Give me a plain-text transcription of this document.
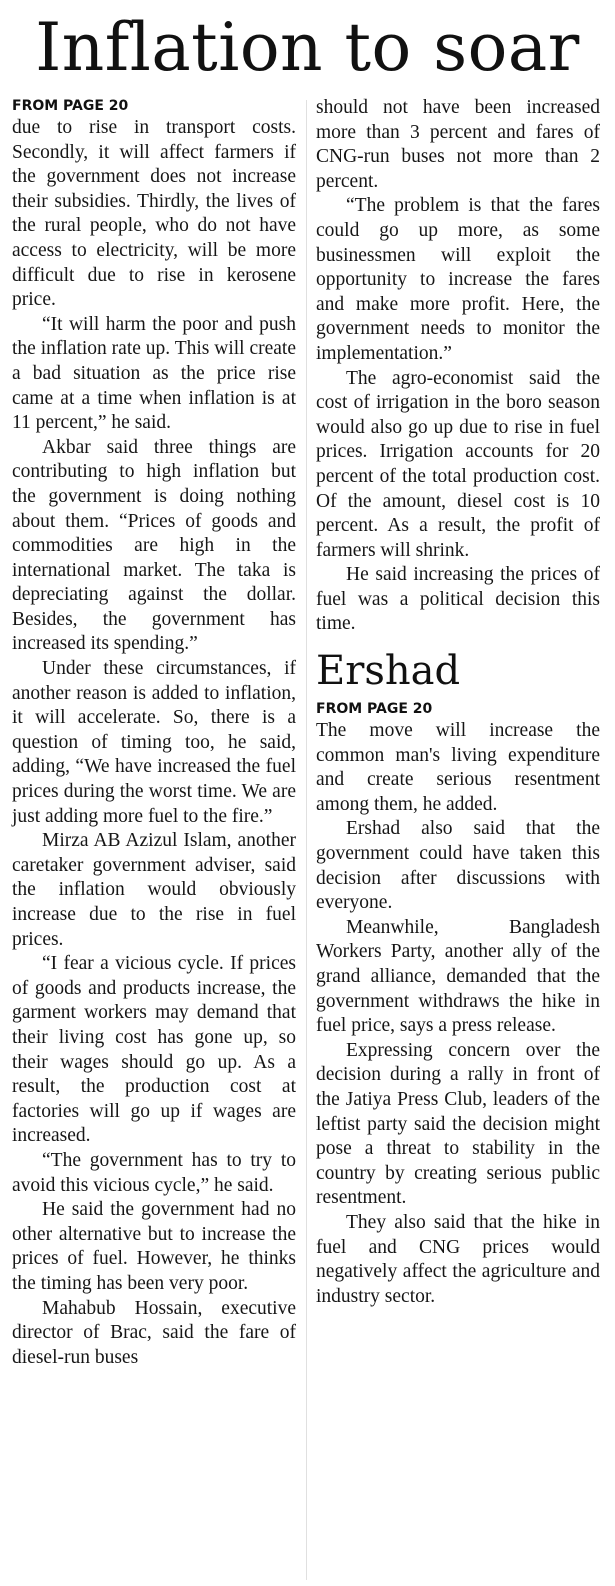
Inflation to soar
FROM PAGE 20

due to rise in transport costs. Secondly, it will affect farmers if the government does not increase their subsidies. Thirdly, the lives of the rural people, who do not have access to electricity, will be more difficult due to rise in kerosene price.

“It will harm the poor and push the inflation rate up. This will create a bad situation as the price rise came at a time when inflation is at 11 percent,” he said.

Akbar said three things are contributing to high inflation but the government is doing nothing about them. “Prices of goods and commodities are high in the international market. The taka is depreciating against the dollar. Besides, the government has increased its spending.”

Under these circumstances, if another reason is added to inflation, it will accelerate. So, there is a question of timing too, he said, adding, “We have increased the fuel prices during the worst time. We are just adding more fuel to the fire.”

Mirza AB Azizul Islam, another caretaker government adviser, said the inflation would obviously increase due to the rise in fuel prices.

“I fear a vicious cycle. If prices of goods and products increase, the garment workers may demand that their living cost has gone up, so their wages should go up. As a result, the production cost at factories will go up if wages are increased.

“The government has to try to avoid this vicious cycle,” he said.

He said the government had no other alternative but to increase the prices of fuel. However, he thinks the timing has been very poor.

Mahabub Hossain, executive director of Brac, said the fare of diesel-run buses

should not have been increased more than 3 percent and fares of CNG-run buses not more than 2 percent.

“The problem is that the fares could go up more, as some businessmen will exploit the opportunity to increase the fares and make more profit. Here, the government needs to monitor the implementation.”

The agro-economist said the cost of irrigation in the boro season would also go up due to rise in fuel prices. Irrigation accounts for 20 percent of the total production cost. Of the amount, diesel cost is 10 percent. As a result, the profit of farmers will shrink.

He said increasing the prices of fuel was a political decision this time.

Ershad
FROM PAGE 20

The move will increase the common man's living expenditure and create serious resentment among them, he added.

Ershad also said that the government could have taken this decision after discussions with everyone.

Meanwhile, Bangladesh Workers Party, another ally of the grand alliance, demanded that the government withdraws the hike in fuel price, says a press release.

Expressing concern over the decision during a rally in front of the Jatiya Press Club, leaders of the leftist party said the decision might pose a threat to stability in the country by creating serious public resentment.

They also said that the hike in fuel and CNG prices would negatively affect the agriculture and industry sector.
